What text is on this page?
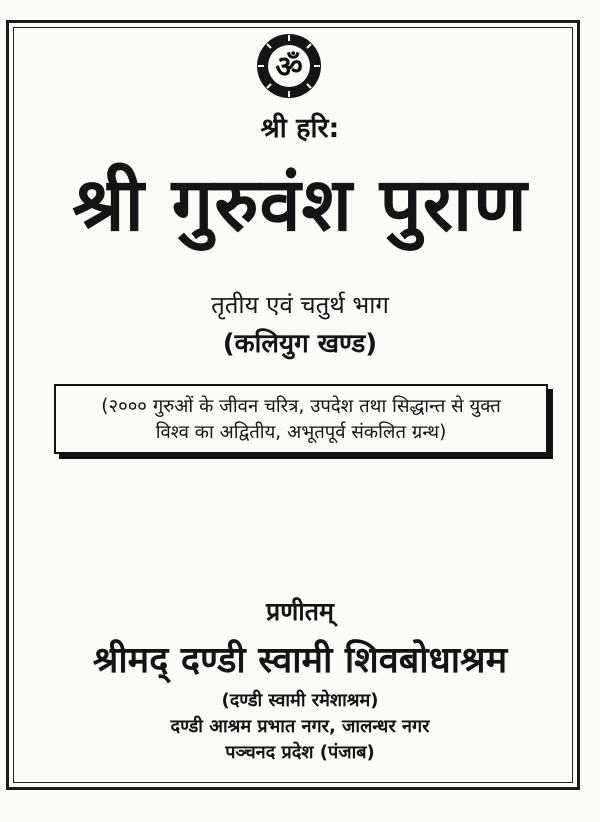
ॐ
श्री हरि:
श्री गुरुवंश पुराण
तृतीय एवं चतुर्थ भाग
(कलियुग खण्ड)
(२००० गुरुओं के जीवन चरित्र, उपदेश तथा सिद्धान्त से युक्त
विश्व का अद्वितीय, अभूतपूर्व संकलित ग्रन्थ)
प्रणीतम्
श्रीमद् दण्डी स्वामी शिवबोधाश्रम
(दण्डी स्वामी रमेशाश्रम)
दण्डी आश्रम प्रभात नगर, जालन्धर नगर
पञ्चनद प्रदेश (पंजाब)
